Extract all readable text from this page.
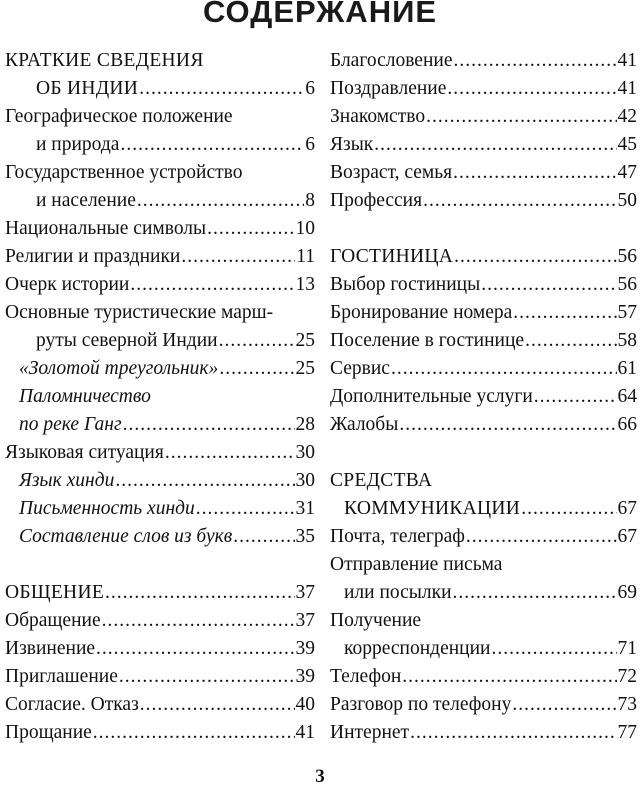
СОДЕРЖАНИЕ
КРАТКИЕ СВЕДЕНИЯ
ОБ ИНДИИ .....	6
Географическое положение
и природа .....	6
Государственное устройство
и население .....	8
Национальные символы .....	10
Религии и праздники .....	11
Очерк истории .....	13
Основные туристические марш-
руты северной Индии .....	25
«Золотой треугольник» .....	25
Паломничество
по реке Ганг .....	28
Языковая ситуация .....	30
Язык хинди .....	30
Письменность хинди .....	31
Составление слов из букв .....	35
ОБЩЕНИЕ .....	37
Обращение .....	37
Извинение .....	39
Приглашение .....	39
Согласие. Отказ .....	40
Прощание .....	41
Благословение .....	41
Поздравление .....	41
Знакомство .....	42
Язык .....	45
Возраст, семья .....	47
Профессия .....	50
ГОСТИНИЦА .....	56
Выбор гостиницы .....	56
Бронирование номера .....	57
Поселение в гостинице .....	58
Сервис .....	61
Дополнительные услуги .....	64
Жалобы .....	66
СРЕДСТВА
КОММУНИКАЦИИ .....	67
Почта, телеграф .....	67
Отправление письма
или посылки .....	69
Получение
корреспонденции .....	71
Телефон .....	72
Разговор по телефону .....	73
Интернет .....	77
3
